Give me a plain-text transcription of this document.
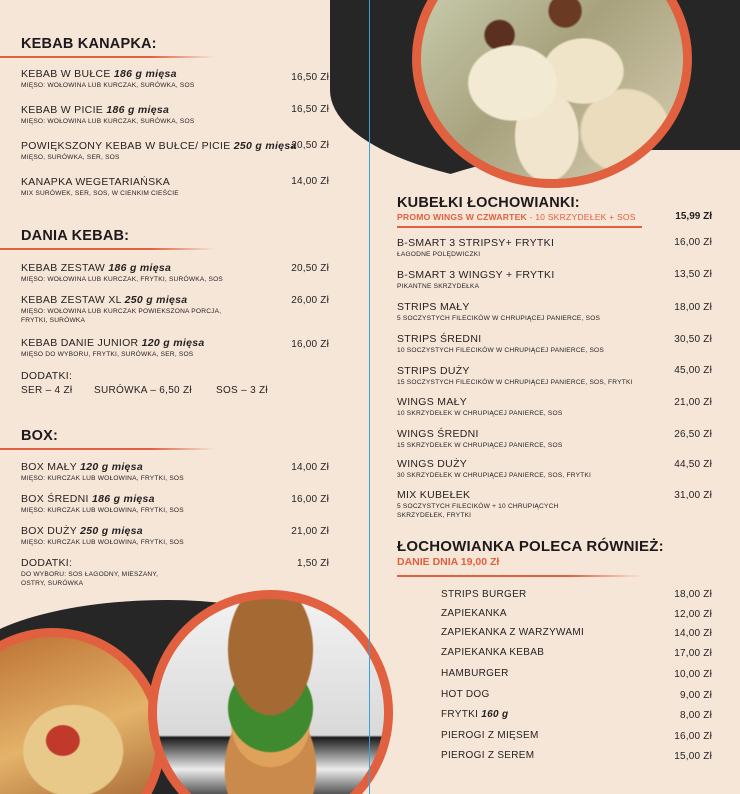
KEBAB KANAPKA:
KEBAB W BUŁCE 186 g mięsa
MIĘSO: WOŁOWINA LUB KURCZAK, SURÓWKA, SOS
16,50 Zł
KEBAB W PICIE 186 g mięsa
MIĘSO: WOŁOWINA LUB KURCZAK, SURÓWKA, SOS
16,50 Zł
POWIĘKSZONY KEBAB W BUŁCE/ PICIE 250 g mięsa
MIĘSO, SURÓWKA, SER, SOS
20,50 Zł
KANAPKA WEGETARIAŃSKA
MIX SURÓWEK, SER, SOS, W CIENKIM CIEŚCIE
14,00 Zł
DANIA KEBAB:
KEBAB ZESTAW 186 g mięsa
MIĘSO: WOŁOWINA LUB KURCZAK, FRYTKI, SURÓWKA, SOS
20,50 Zł
KEBAB ZESTAW XL 250 g mięsa
MIĘSO: WOŁOWINA LUB KURCZAK POWIEKSZONA PORCJA,
FRYTKI, SURÓWKA
26,00 Zł
KEBAB DANIE JUNIOR 120 g mięsa
MIĘSO DO WYBORU, FRYTKI, SURÓWKA, SER, SOS
16,00 Zł
DODATKI:
SER – 4 Zł SURÓWKA – 6,50 Zł SOS – 3 Zł
BOX:
BOX MAŁY 120 g mięsa
MIĘSO: KURCZAK LUB WOŁOWINA, FRYTKI, SOS
14,00 Zł
BOX ŚREDNI 186 g mięsa
MIĘSO: KURCZAK LUB WOŁOWINA, FRYTKI, SOS
16,00 Zł
BOX DUŻY 250 g mięsa
MIĘSO: KURCZAK LUB WOŁOWINA, FRYTKI, SOS
21,00 Zł
DODATKI:
DO WYBORU: SOS ŁAGODNY, MIESZANY,
OSTRY, SURÓWKA
1,50 Zł
KUBEŁKI ŁOCHOWIANKI:
PROMO WINGS W CZWARTEK - 10 SKRZYDEŁEK + SOS	15,99 Zł
B-SMART 3 STRIPSY+ FRYTKI
ŁAGODNE POLĘDWICZKI
16,00 Zł
B-SMART 3 WINGSY + FRYTKI
PIKANTNE SKRZYDEŁKA
13,50 Zł
STRIPS MAŁY
5 SOCZYSTYCH FILECIKÓW W CHRUPIĄCEJ PANIERCE, SOS
18,00 Zł
STRIPS ŚREDNI
10 SOCZYSTYCH FILECIKÓW W CHRUPIĄCEJ PANIERCE, SOS
30,50 Zł
STRIPS DUŻY
15 SOCZYSTYCH FILECIKÓW W CHRUPIĄCEJ PANIERCE, SOS, FRYTKI
45,00 Zł
WINGS MAŁY
10 SKRZYDEŁEK W CHRUPIĄCEJ PANIERCE, SOS
21,00 Zł
WINGS ŚREDNI
15 SKRZYDEŁEK W CHRUPIĄCEJ PANIERCE, SOS
26,50 Zł
WINGS DUŻY
30 SKRZYDEŁEK W CHRUPIĄCEJ PANIERCE, SOS, FRYTKI
44,50 Zł
MIX KUBEŁEK
5 SOCZYSTYCH FILECIKÓW + 10 CHRUPIĄCYCH
SKRZYDEŁEK, FRYTKI
31,00 Zł
ŁOCHOWIANKA POLECA RÓWNIEŻ:
DANIE DNIA 19,00 Zł
STRIPS BURGER	18,00 Zł
ZAPIEKANKA	12,00 Zł
ZAPIEKANKA Z WARZYWAMI	14,00 Zł
ZAPIEKANKA KEBAB	17,00 Zł
HAMBURGER	10,00 Zł
HOT DOG	9,00 Zł
FRYTKI 160 g	8,00 Zł
PIEROGI Z MIĘSEM	16,00 Zł
PIEROGI Z SEREM	15,00 Zł
